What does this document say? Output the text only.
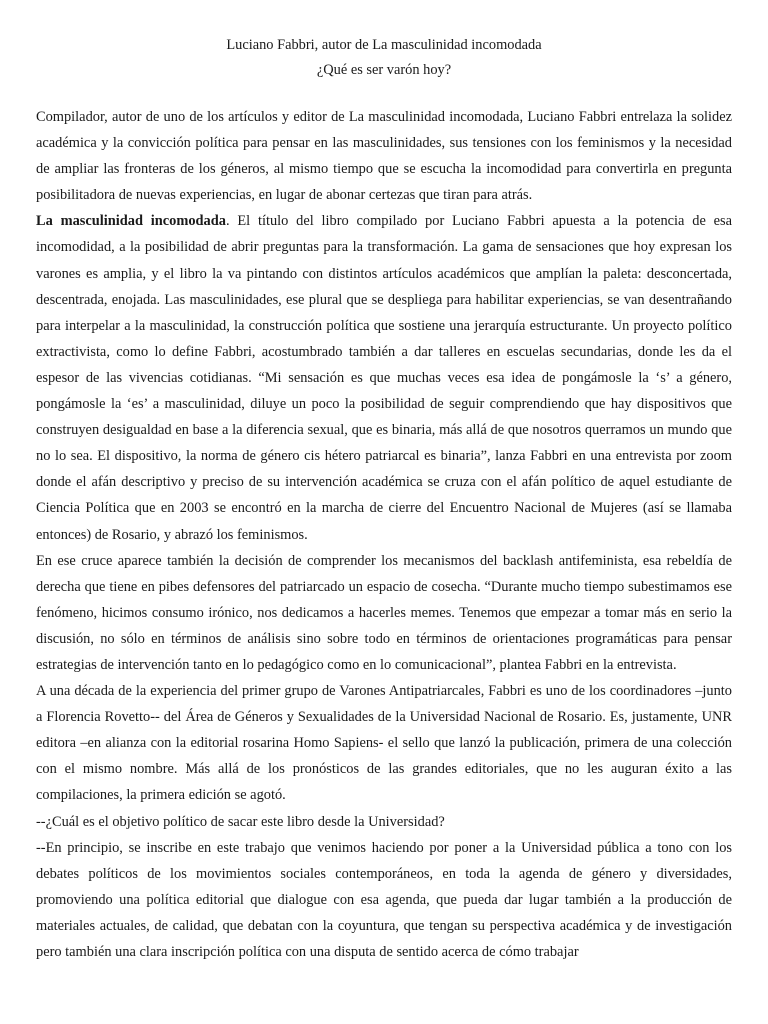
Luciano Fabbri, autor de La masculinidad incomodada
¿Qué es ser varón hoy?

Compilador, autor de uno de los artículos y editor de La masculinidad incomodada, Luciano Fabbri entrelaza la solidez académica y la convicción política para pensar en las masculinidades, sus tensiones con los feminismos y la necesidad de ampliar las fronteras de los géneros, al mismo tiempo que se escucha la incomodidad para convertirla en pregunta posibilitadora de nuevas experiencias, en lugar de abonar certezas que tiran para atrás.

La masculinidad incomodada. El título del libro compilado por Luciano Fabbri apuesta a la potencia de esa incomodidad, a la posibilidad de abrir preguntas para la transformación. La gama de sensaciones que hoy expresan los varones es amplia, y el libro la va pintando con distintos artículos académicos que amplían la paleta: desconcertada, descentrada, enojada. Las masculinidades, ese plural que se despliega para habilitar experiencias, se van desentrañando para interpelar a la masculinidad, la construcción política que sostiene una jerarquía estructurante. Un proyecto político extractivista, como lo define Fabbri, acostumbrado también a dar talleres en escuelas secundarias, donde les da el espesor de las vivencias cotidianas. “Mi sensación es que muchas veces esa idea de pongámosle la ‘s’ a género, pongámosle la ‘es’ a masculinidad, diluye un poco la posibilidad de seguir comprendiendo que hay dispositivos que construyen desigualdad en base a la diferencia sexual, que es binaria, más allá de que nosotros querramos un mundo que no lo sea. El dispositivo, la norma de género cis hétero patriarcal es binaria”, lanza Fabbri en una entrevista por zoom donde el afán descriptivo y preciso de su intervención académica se cruza con el afán político de aquel estudiante de Ciencia Política que en 2003 se encontró en la marcha de cierre del Encuentro Nacional de Mujeres (así se llamaba entonces) de Rosario, y abrazó los feminismos.

En ese cruce aparece también la decisión de comprender los mecanismos del backlash antifeminista, esa rebeldía de derecha que tiene en pibes defensores del patriarcado un espacio de cosecha. “Durante mucho tiempo subestimamos ese fenómeno, hicimos consumo irónico, nos dedicamos a hacerles memes. Tenemos que empezar a tomar más en serio la discusión, no sólo en términos de análisis sino sobre todo en términos de orientaciones programáticas para pensar estrategias de intervención tanto en lo pedagógico como en lo comunicacional”, plantea Fabbri en la entrevista.

A una década de la experiencia del primer grupo de Varones Antipatriarcales, Fabbri es uno de los coordinadores –junto a Florencia Rovetto-- del Área de Géneros y Sexualidades de la Universidad Nacional de Rosario. Es, justamente, UNR editora –en alianza con la editorial rosarina Homo Sapiens- el sello que lanzó la publicación, primera de una colección con el mismo nombre. Más allá de los pronósticos de las grandes editoriales, que no les auguran éxito a las compilaciones, la primera edición se agotó.

--¿Cuál es el objetivo político de sacar este libro desde la Universidad?

--En principio, se inscribe en este trabajo que venimos haciendo por poner a la Universidad pública a tono con los debates políticos de los movimientos sociales contemporáneos, en toda la agenda de género y diversidades, promoviendo una política editorial que dialogue con esa agenda, que pueda dar lugar también a la producción de materiales actuales, de calidad, que debatan con la coyuntura, que tengan su perspectiva académica y de investigación pero también una clara inscripción política con una disputa de sentido acerca de cómo trabajar
